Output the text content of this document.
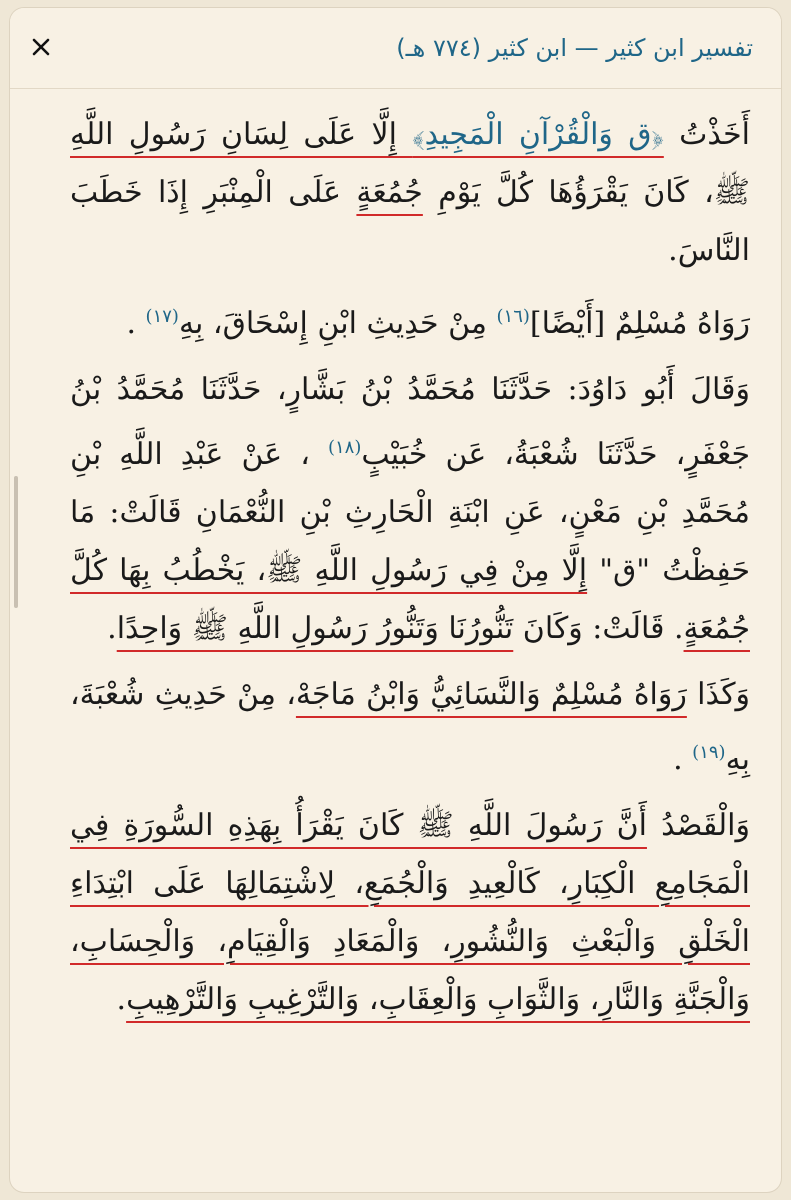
تفسير ابن كثير — ابن كثير (٧٧٤ هـ)

أَخَذْتُ ﴿ق وَالْقُرْآنِ الْمَجِيدِ﴾ إِلَّا عَلَى لِسَانِ رَسُولِ اللَّهِ ﷺ، كَانَ يَقْرَؤُهَا كُلَّ يَوْمِ جُمُعَةٍ عَلَى الْمِنْبَرِ إِذَا خَطَبَ النَّاسَ.

رَوَاهُ مُسْلِمٌ [أَيْضًا]$^{(١٦)}$ مِنْ حَدِيثِ ابْنِ إِسْحَاقَ، بِهِ$^{(١٧)}$ .

وَقَالَ أَبُو دَاوُدَ: حَدَّثَنَا مُحَمَّدُ بْنُ بَشَّارٍ، حَدَّثَنَا مُحَمَّدُ بْنُ جَعْفَرٍ، حَدَّثَنَا شُعْبَةُ، عَن خُبَيْبٍ$^{(١٨)}$ ، عَنْ عَبْدِ اللَّهِ بْنِ مُحَمَّدِ بْنِ مَعْنٍ، عَنِ ابْنَةِ الْحَارِثِ بْنِ النُّعْمَانِ قَالَتْ: مَا حَفِظْتُ "ق" إِلَّا مِنْ فِي رَسُولِ اللَّهِ ﷺ، يَخْطُبُ بِهَا كُلَّ جُمُعَةٍ. قَالَتْ: وَكَانَ تَنُّورُنَا وَتَنُّورُ رَسُولِ اللَّهِ ﷺ وَاحِدًا.

وَكَذَا رَوَاهُ مُسْلِمٌ وَالنَّسَائِيُّ وَابْنُ مَاجَهْ، مِنْ حَدِيثِ شُعْبَةَ، بِهِ$^{(١٩)}$ .

وَالْقَصْدُ أَنَّ رَسُولَ اللَّهِ ﷺ كَانَ يَقْرَأُ بِهَذِهِ السُّورَةِ فِي الْمَجَامِعِ الْكِبَارِ، كَالْعِيدِ وَالْجُمَعِ، لِاشْتِمَالِهَا عَلَى ابْتِدَاءِ الْخَلْقِ وَالْبَعْثِ وَالنُّشُورِ، وَالْمَعَادِ وَالْقِيَامِ، وَالْحِسَابِ، وَالْجَنَّةِ وَالنَّارِ، وَالثَّوَابِ وَالْعِقَابِ، وَالتَّرْغِيبِ وَالتَّرْهِيبِ.
